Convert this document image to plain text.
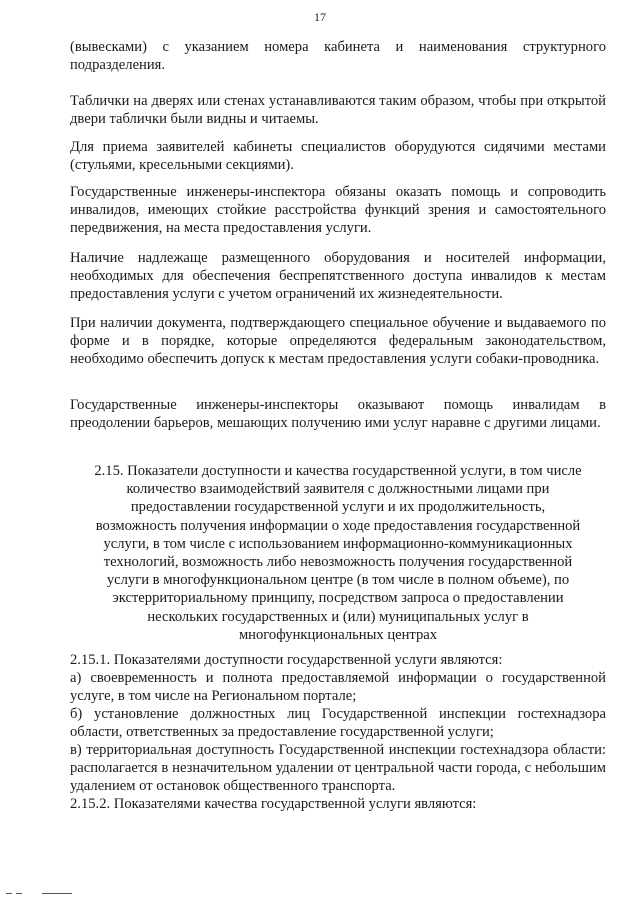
17

(вывесками) с указанием номера кабинета и наименования структурного подразделения.

Таблички на дверях или стенах устанавливаются таким образом, чтобы при открытой двери таблички были видны и читаемы.

Для приема заявителей кабинеты специалистов оборудуются сидячими местами (стульями, кресельными секциями).

Государственные инженеры-инспектора обязаны оказать помощь и сопроводить инвалидов, имеющих стойкие расстройства функций зрения и самостоятельного передвижения, на места предоставления услуги.

Наличие надлежаще размещенного оборудования и носителей информации, необходимых для обеспечения беспрепятственного доступа инвалидов к местам предоставления услуги с учетом ограничений их жизнедеятельности.

При наличии документа, подтверждающего специальное обучение и выдаваемого по форме и в порядке, которые определяются федеральным законодательством, необходимо обеспечить допуск к местам предоставления услуги собаки-проводника.

Государственные инженеры-инспекторы оказывают помощь инвалидам в преодолении барьеров, мешающих получению ими услуг наравне с другими лицами.

2.15. Показатели доступности и качества государственной услуги, в том числе количество взаимодействий заявителя с должностными лицами при предоставлении государственной услуги и их продолжительность, возможность получения информации о ходе предоставления государственной услуги, в том числе с использованием информационно-коммуникационных технологий, возможность либо невозможность получения государственной услуги в многофункциональном центре (в том числе в полном объеме), по экстерриториальному принципу, посредством запроса о предоставлении нескольких государственных и (или) муниципальных услуг в многофункциональных центрах

2.15.1. Показателями доступности государственной услуги являются:

а) своевременность и полнота предоставляемой информации о государственной услуге, в том числе на Региональном портале;

б) установление должностных лиц Государственной инспекции гостехнадзора области, ответственных за предоставление государственной услуги;

в) территориальная доступность Государственной инспекции гостехнадзора области: располагается в незначительном удалении от центральной части города, с небольшим удалением от остановок общественного транспорта.

2.15.2. Показателями качества государственной услуги являются:
